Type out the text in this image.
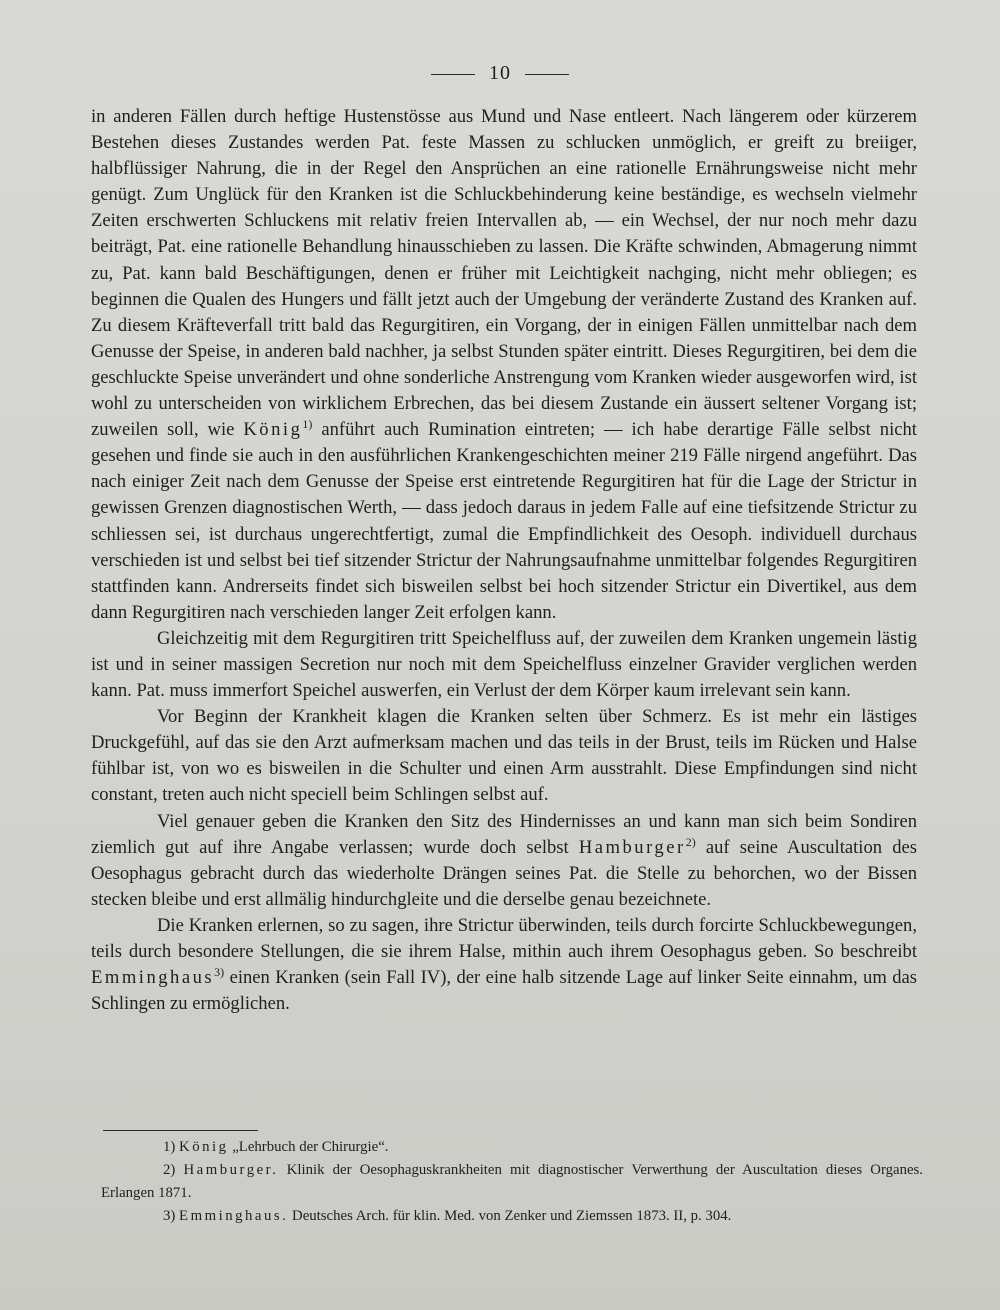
10

in anderen Fällen durch heftige Hustenstösse aus Mund und Nase entleert. Nach längerem oder kürzerem Bestehen dieses Zustandes werden Pat. feste Massen zu schlucken unmöglich, er greift zu breiiger, halbflüssiger Nahrung, die in der Regel den Ansprüchen an eine rationelle Ernährungsweise nicht mehr genügt. Zum Unglück für den Kranken ist die Schluckbehinderung keine beständige, es wechseln vielmehr Zeiten erschwerten Schluckens mit relativ freien Intervallen ab, — ein Wechsel, der nur noch mehr dazu beiträgt, Pat. eine rationelle Behandlung hinausschieben zu lassen. Die Kräfte schwinden, Abmagerung nimmt zu, Pat. kann bald Beschäftigungen, denen er früher mit Leichtigkeit nachging, nicht mehr obliegen; es beginnen die Qualen des Hungers und fällt jetzt auch der Umgebung der veränderte Zustand des Kranken auf. Zu diesem Kräfteverfall tritt bald das Regurgitiren, ein Vorgang, der in einigen Fällen unmittelbar nach dem Genusse der Speise, in anderen bald nachher, ja selbst Stunden später eintritt. Dieses Regurgitiren, bei dem die geschluckte Speise unverändert und ohne sonderliche Anstrengung vom Kranken wieder ausgeworfen wird, ist wohl zu unterscheiden von wirklichem Erbrechen, das bei diesem Zustande ein äussert seltener Vorgang ist; zuweilen soll, wie König$^{1)}$ anführt auch Rumination eintreten; — ich habe derartige Fälle selbst nicht gesehen und finde sie auch in den ausführlichen Krankengeschichten meiner 219 Fälle nirgend angeführt. Das nach einiger Zeit nach dem Genusse der Speise erst eintretende Regurgitiren hat für die Lage der Strictur in gewissen Grenzen diagnostischen Werth, — dass jedoch daraus in jedem Falle auf eine tiefsitzende Strictur zu schliessen sei, ist durchaus ungerechtfertigt, zumal die Empfindlichkeit des Oesoph. individuell durchaus verschieden ist und selbst bei tief sitzender Strictur der Nahrungsaufnahme unmittelbar folgendes Regurgitiren stattfinden kann. Andrerseits findet sich bisweilen selbst bei hoch sitzender Strictur ein Divertikel, aus dem dann Regurgitiren nach verschieden langer Zeit erfolgen kann.

Gleichzeitig mit dem Regurgitiren tritt Speichelfluss auf, der zuweilen dem Kranken ungemein lästig ist und in seiner massigen Secretion nur noch mit dem Speichelfluss einzelner Gravider verglichen werden kann. Pat. muss immerfort Speichel auswerfen, ein Verlust der dem Körper kaum irrelevant sein kann.

Vor Beginn der Krankheit klagen die Kranken selten über Schmerz. Es ist mehr ein lästiges Druckgefühl, auf das sie den Arzt aufmerksam machen und das teils in der Brust, teils im Rücken und Halse fühlbar ist, von wo es bisweilen in die Schulter und einen Arm ausstrahlt. Diese Empfindungen sind nicht constant, treten auch nicht speciell beim Schlingen selbst auf.

Viel genauer geben die Kranken den Sitz des Hindernisses an und kann man sich beim Sondiren ziemlich gut auf ihre Angabe verlassen; wurde doch selbst Hamburger$^{2)}$ auf seine Auscultation des Oesophagus gebracht durch das wiederholte Drängen seines Pat. die Stelle zu behorchen, wo der Bissen stecken bleibe und erst allmälig hindurchgleite und die derselbe genau bezeichnete.

Die Kranken erlernen, so zu sagen, ihre Strictur überwinden, teils durch forcirte Schluckbewegungen, teils durch besondere Stellungen, die sie ihrem Halse, mithin auch ihrem Oesophagus geben. So beschreibt Emminghaus$^{3)}$ einen Kranken (sein Fall IV), der eine halb sitzende Lage auf linker Seite einnahm, um das Schlingen zu ermöglichen.

1) König „Lehrbuch der Chirurgie“.

2) Hamburger. Klinik der Oesophaguskrankheiten mit diagnostischer Verwerthung der Auscultation dieses Organes. Erlangen 1871.

3) Emminghaus. Deutsches Arch. für klin. Med. von Zenker und Ziemssen 1873. II, p. 304.
